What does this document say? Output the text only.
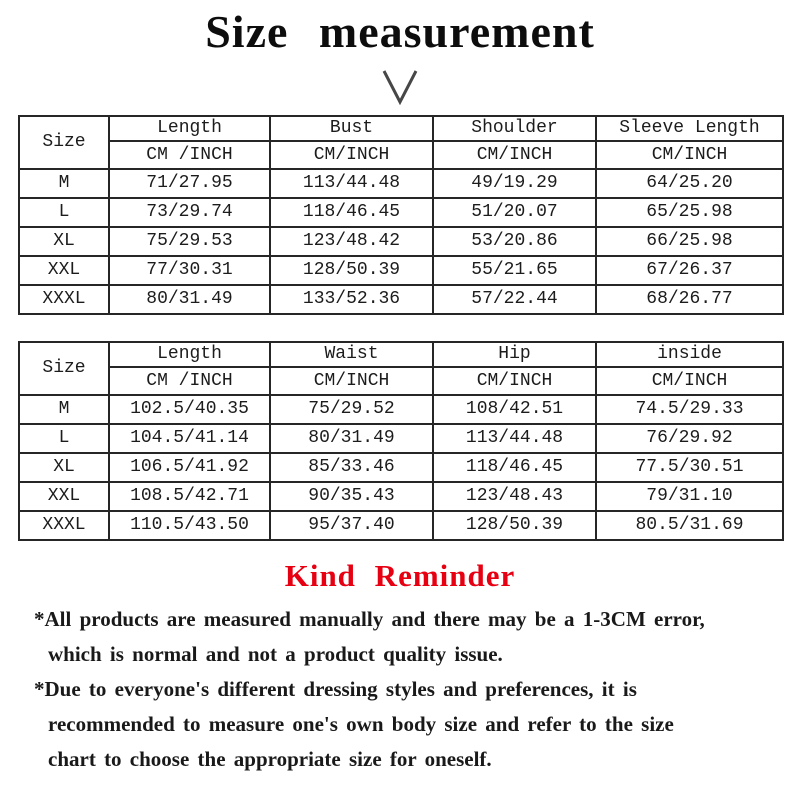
Size measurement
Size	Length	Bust	Shoulder	Sleeve Length
	CM /INCH	CM/INCH	CM/INCH	CM/INCH
M	71/27.95	113/44.48	49/19.29	64/25.20
L	73/29.74	118/46.45	51/20.07	65/25.98
XL	75/29.53	123/48.42	53/20.86	66/25.98
XXL	77/30.31	128/50.39	55/21.65	67/26.37
XXXL	80/31.49	133/52.36	57/22.44	68/26.77
Size	Length	Waist	Hip	inside
	CM /INCH	CM/INCH	CM/INCH	CM/INCH
M	102.5/40.35	75/29.52	108/42.51	74.5/29.33
L	104.5/41.14	80/31.49	113/44.48	76/29.92
XL	106.5/41.92	85/33.46	118/46.45	77.5/30.51
XXL	108.5/42.71	90/35.43	123/48.43	79/31.10
XXXL	110.5/43.50	95/37.40	128/50.39	80.5/31.69
Kind Reminder
*All products are measured manually and there may be a 1-3CM error,
which is normal and not a product quality issue.
*Due to everyone's different dressing styles and preferences, it is
recommended to measure one's own body size and refer to the size
chart to choose the appropriate size for oneself.
